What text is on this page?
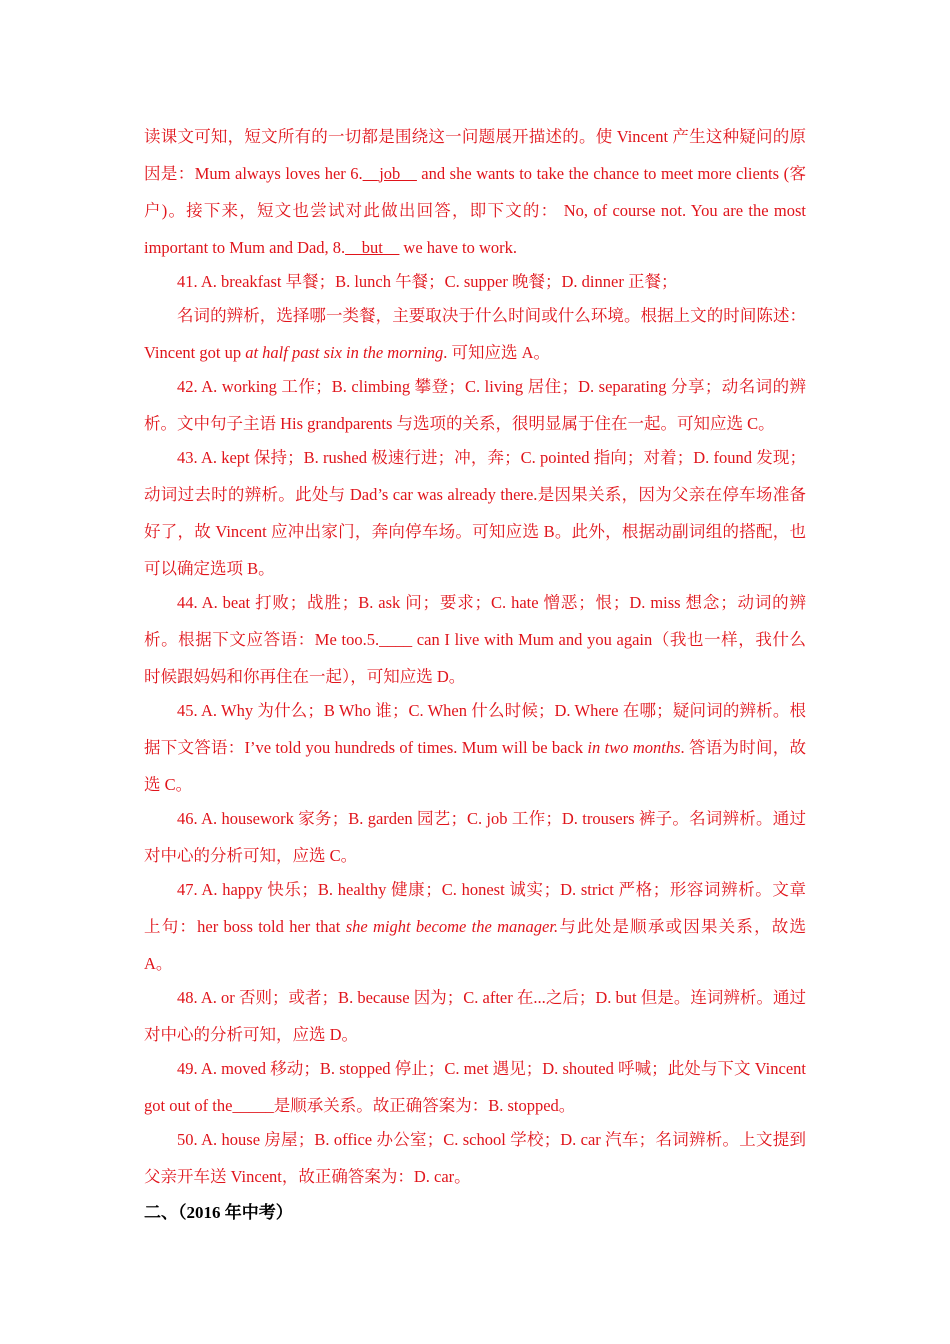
读课文可知，短文所有的一切都是围绕这一问题展开描述的。使 Vincent 产生这种疑问的原因是：Mum always loves her 6.__job__ and she wants to take the chance to meet more clients (客户)。接下来，短文也尝试对此做出回答，即下文的： No, of course not. You are the most important to Mum and Dad, 8.__but__ we have to work.

41. A. breakfast 早餐；B. lunch 午餐；C. supper 晚餐；D. dinner 正餐；

名词的辨析，选择哪一类餐，主要取决于什么时间或什么环境。根据上文的时间陈述：Vincent got up at half past six in the morning. 可知应选 A。

42. A. working 工作；B. climbing 攀登；C. living 居住；D. separating 分享；动名词的辨析。文中句子主语 His grandparents 与选项的关系，很明显属于住在一起。可知应选 C。

43. A. kept 保持；B. rushed 极速行进；冲，奔；C. pointed 指向；对着；D. found 发现；动词过去时的辨析。此处与 Dad’s car was already there.是因果关系，因为父亲在停车场准备好了，故 Vincent 应冲出家门，奔向停车场。可知应选 B。此外，根据动副词组的搭配，也可以确定选项 B。

44. A. beat 打败；战胜；B. ask 问；要求；C. hate 憎恶；恨；D. miss 想念；动词的辨析。根据下文应答语：Me too.5.____ can I live with Mum and you again（我也一样，我什么时候跟妈妈和你再住在一起），可知应选 D。

45. A. Why 为什么；B Who 谁；C. When 什么时候；D. Where 在哪；疑问词的辨析。根据下文答语：I’ve told you hundreds of times. Mum will be back in two months. 答语为时间，故选 C。

46. A. housework 家务；B. garden 园艺；C. job 工作；D. trousers 裤子。名词辨析。通过对中心的分析可知，应选 C。

47. A. happy 快乐；B. healthy 健康；C. honest 诚实；D. strict 严格；形容词辨析。文章上句：her boss told her that she might become the manager.与此处是顺承或因果关系，故选 A。

48. A. or 否则；或者；B. because 因为；C. after 在...之后；D. but 但是。连词辨析。通过对中心的分析可知，应选 D。

49. A. moved 移动；B. stopped 停止；C. met 遇见；D. shouted 呼喊；此处与下文 Vincent got out of the_____是顺承关系。故正确答案为：B. stopped。

50. A. house 房屋；B. office 办公室；C. school 学校；D. car 汽车；名词辨析。上文提到父亲开车送 Vincent，故正确答案为：D. car。

二、（2016 年中考）
